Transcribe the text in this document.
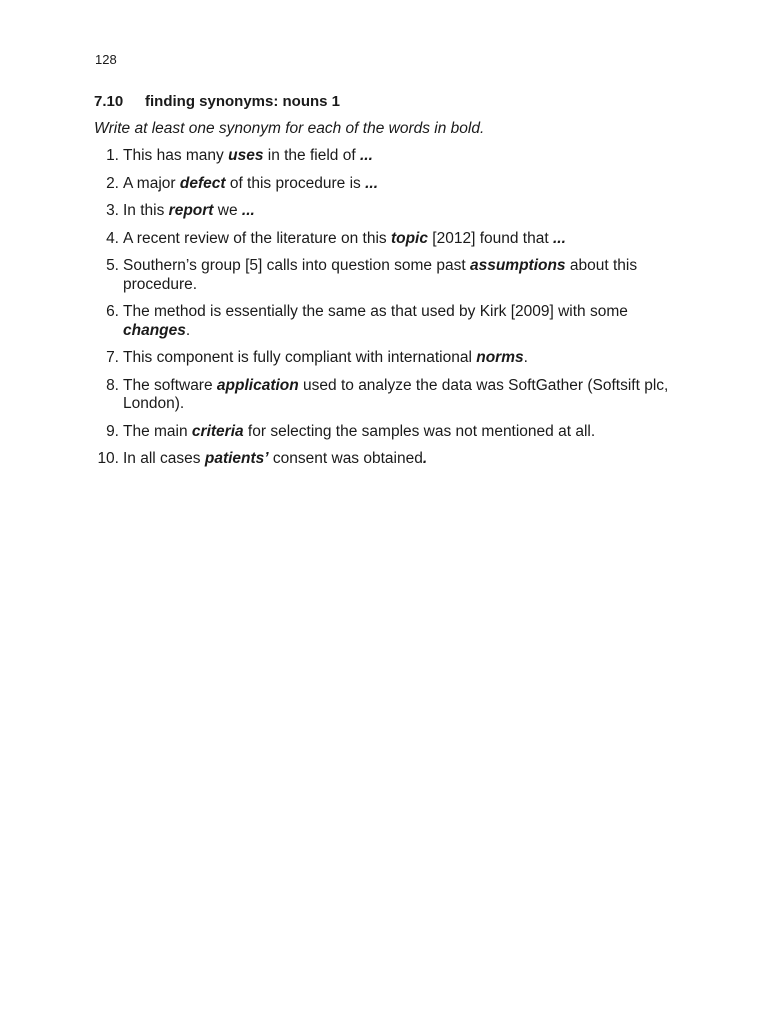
128
7.10 finding synonyms: nouns 1
Write at least one synonym for each of the words in bold.
1. This has many uses in the field of ...
2. A major defect of this procedure is ...
3. In this report we ...
4. A recent review of the literature on this topic [2012] found that ...
5. Southern’s group [5] calls into question some past assumptions about this procedure.
6. The method is essentially the same as that used by Kirk [2009] with some changes.
7. This component is fully compliant with international norms.
8. The software application used to analyze the data was SoftGather (Softsift plc, London).
9. The main criteria for selecting the samples was not mentioned at all.
10. In all cases patients’ consent was obtained.
